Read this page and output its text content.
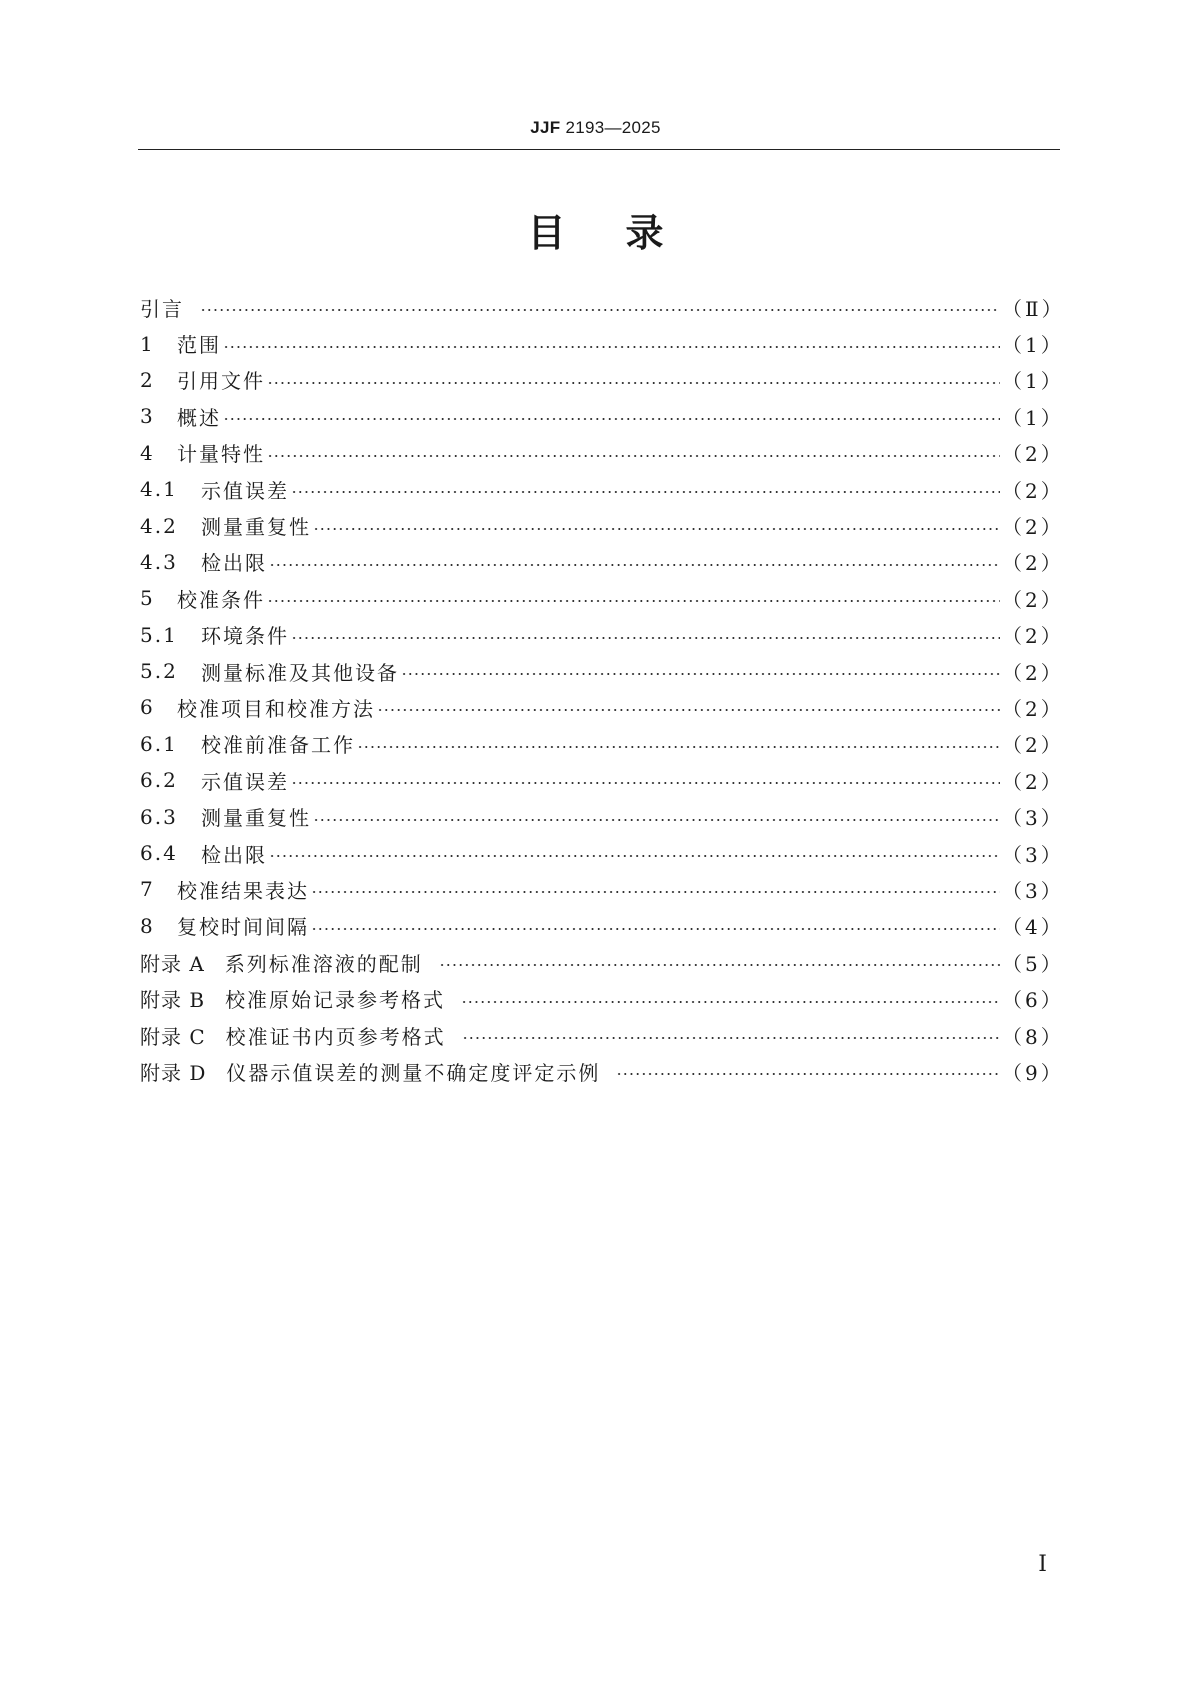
JJF 2193—2025
目 录
引言	（Ⅱ）
1	范围	（1）
2	引用文件	（1）
3	概述	（1）
4	计量特性	（2）
4.1	示值误差	（2）
4.2	测量重复性	（2）
4.3	检出限	（2）
5	校准条件	（2）
5.1	环境条件	（2）
5.2	测量标准及其他设备	（2）
6	校准项目和校准方法	（2）
6.1	校准前准备工作	（2）
6.2	示值误差	（2）
6.3	测量重复性	（3）
6.4	检出限	（3）
7	校准结果表达	（3）
8	复校时间间隔	（4）
附录 A 系列标准溶液的配制	（5）
附录 B 校准原始记录参考格式	（6）
附录 C 校准证书内页参考格式	（8）
附录 D 仪器示值误差的测量不确定度评定示例	（9）
Ⅰ
